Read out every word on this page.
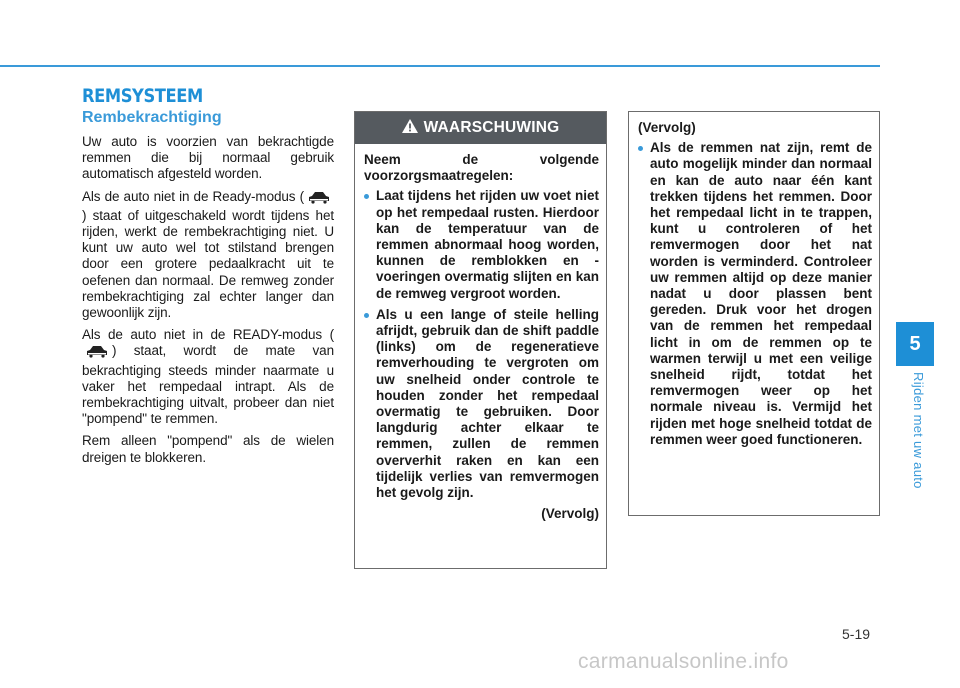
REMSYSTEEM
Rembekrachtiging

Uw auto is voorzien van bekrachtigde remmen die bij normaal gebruik automatisch afgesteld worden.

Als de auto niet in de Ready-modus () staat of uitgeschakeld wordt tijdens het rijden, werkt de rembekrachtiging niet. U kunt uw auto wel tot stilstand brengen door een grotere pedaalkracht uit te oefenen dan normaal. De remweg zonder rembekrachtiging zal echter langer dan gewoonlijk zijn.

Als de auto niet in de READY-modus () staat, wordt de mate van bekrachtiging steeds minder naarmate u vaker het rempedaal intrapt. Als de rembekrachtiging uitvalt, probeer dan niet "pompend" te remmen.

Rem alleen "pompend" als de wielen dreigen te blokkeren.

WAARSCHUWING

Neem de volgende voorzorgsmaatregelen:

Laat tijdens het rijden uw voet niet op het rempedaal rusten. Hierdoor kan de temperatuur van de remmen abnormaal hoog worden, kunnen de remblokken en -voeringen overmatig slijten en kan de remweg vergroot worden.
Als u een lange of steile helling afrijdt, gebruik dan de shift paddle (links) om de regeneratieve remverhouding te vergroten om uw snelheid onder controle te houden zonder het rempedaal overmatig te gebruiken. Door langdurig achter elkaar te remmen, zullen de remmen oververhit raken en kan een tijdelijk verlies van remvermogen het gevolg zijn.

(Vervolg)

(Vervolg)

Als de remmen nat zijn, remt de auto mogelijk minder dan normaal en kan de auto naar één kant trekken tijdens het remmen. Door het rempedaal licht in te trappen, kunt u controleren of het remvermogen door het nat worden is verminderd. Controleer uw remmen altijd op deze manier nadat u door plassen bent gereden. Druk voor het drogen van de remmen het rempedaal licht in om de remmen op te warmen terwijl u met een veilige snelheid rijdt, totdat het remvermogen weer op het normale niveau is. Vermijd het rijden met hoge snelheid totdat de remmen weer goed functioneren.
5
Rijden met uw auto
5-19
carmanualsonline.info
